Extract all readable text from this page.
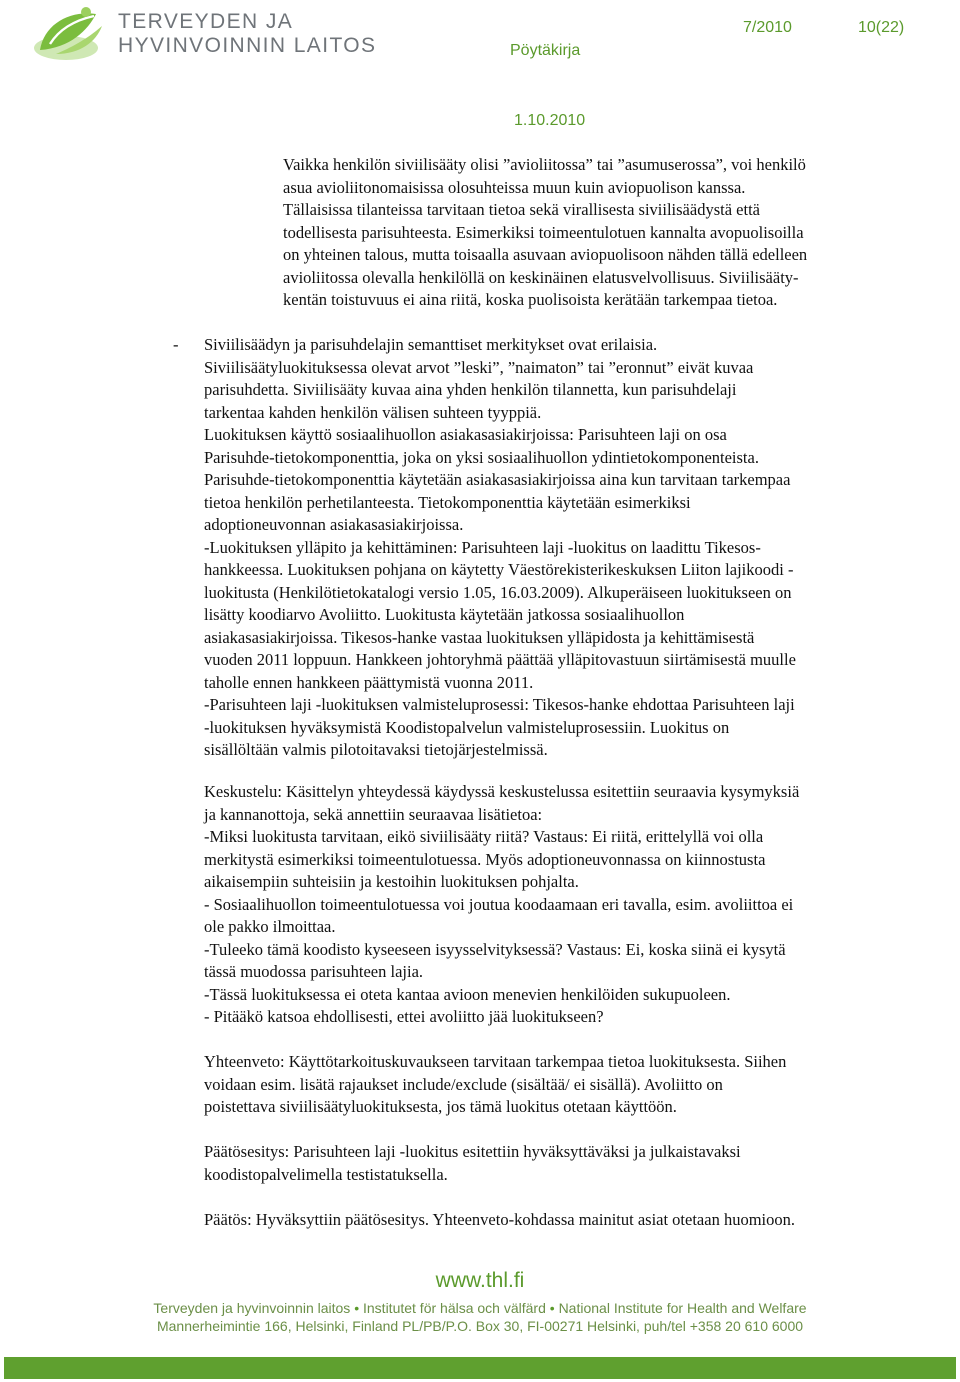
TERVEYDEN JA
HYVINVOINNIN LAITOS	Pöytäkirja
7/2010	10(22)
1.10.2010
Vaikka henkilön siviilisääty olisi ”avioliitossa” tai ”asumuserossa”, voi henkilö
asua avioliitonomaisissa olosuhteissa muun kuin aviopuolison kanssa.
Tällaisissa tilanteissa tarvitaan tietoa sekä virallisesta siviilisäädystä että
todellisesta parisuhteesta. Esimerkiksi toimeentulotuen kannalta avopuolisoilla
on yhteinen talous, mutta toisaalla asuvaan aviopuolisoon nähden tällä edelleen
avioliitossa olevalla henkilöllä on keskinäinen elatusvelvollisuus. Siviilisääty-
kentän toistuvuus ei aina riitä, koska puolisoista kerätään tarkempaa tietoa.
- Siviilisäädyn ja parisuhdelajin semanttiset merkitykset ovat erilaisia.
Siviilisäätyluokituksessa olevat arvot ”leski”, ”naimaton” tai ”eronnut” eivät kuvaa
parisuhdetta. Siviilisääty kuvaa aina yhden henkilön tilannetta, kun parisuhdelaji
tarkentaa kahden henkilön välisen suhteen tyyppiä.
Luokituksen käyttö sosiaalihuollon asiakasasiakirjoissa: Parisuhteen laji on osa
Parisuhde-tietokomponenttia, joka on yksi sosiaalihuollon ydintietokomponenteista.
Parisuhde-tietokomponenttia käytetään asiakasasiakirjoissa aina kun tarvitaan tarkempaa
tietoa henkilön perhetilanteesta. Tietokomponenttia käytetään esimerkiksi
adoptioneuvonnan asiakasasiakirjoissa.
-Luokituksen ylläpito ja kehittäminen: Parisuhteen laji -luokitus on laadittu Tikesos-
hankkeessa. Luokituksen pohjana on käytetty Väestörekisterikeskuksen Liiton lajikoodi -
luokitusta (Henkilötietokatalogi versio 1.05, 16.03.2009). Alkuperäiseen luokitukseen on
lisätty koodiarvo Avoliitto. Luokitusta käytetään jatkossa sosiaalihuollon
asiakasasiakirjoissa. Tikesos-hanke vastaa luokituksen ylläpidosta ja kehittämisestä
vuoden 2011 loppuun. Hankkeen johtoryhmä päättää ylläpitovastuun siirtämisestä muulle
taholle ennen hankkeen päättymistä vuonna 2011.
-Parisuhteen laji -luokituksen valmisteluprosessi: Tikesos-hanke ehdottaa Parisuhteen laji
-luokituksen hyväksymistä Koodistopalvelun valmisteluprosessiin. Luokitus on
sisällöltään valmis pilotoitavaksi tietojärjestelmissä.
Keskustelu: Käsittelyn yhteydessä käydyssä keskustelussa esitettiin seuraavia kysymyksiä
ja kannanottoja, sekä annettiin seuraavaa lisätietoa:
-Miksi luokitusta tarvitaan, eikö siviilisääty riitä? Vastaus: Ei riitä, erittelyllä voi olla
merkitystä esimerkiksi toimeentulotuessa. Myös adoptioneuvonnassa on kiinnostusta
aikaisempiin suhteisiin ja kestoihin luokituksen pohjalta.
- Sosiaalihuollon toimeentulotuessa voi joutua koodaamaan eri tavalla, esim. avoliittoa ei
ole pakko ilmoittaa.
-Tuleeko tämä koodisto kyseeseen isyysselvityksessä? Vastaus: Ei, koska siinä ei kysytä
tässä muodossa parisuhteen lajia.
-Tässä luokituksessa ei oteta kantaa avioon menevien henkilöiden sukupuoleen.
- Pitääkö katsoa ehdollisesti, ettei avoliitto jää luokitukseen?
Yhteenveto: Käyttötarkoituskuvaukseen tarvitaan tarkempaa tietoa luokituksesta. Siihen
voidaan esim. lisätä rajaukset include/exclude (sisältää/ ei sisällä). Avoliitto on
poistettava siviilisäätyluokituksesta, jos tämä luokitus otetaan käyttöön.
Päätösesitys: Parisuhteen laji -luokitus esitettiin hyväksyttäväksi ja julkaistavaksi
koodistopalvelimella testistatuksella.
Päätös: Hyväksyttiin päätösesitys. Yhteenveto-kohdassa mainitut asiat otetaan huomioon.
www.thl.fi
Terveyden ja hyvinvoinnin laitos • Institutet för hälsa och välfärd • National Institute for Health and Welfare
Mannerheimintie 166, Helsinki, Finland PL/PB/P.O. Box 30, FI-00271 Helsinki, puh/tel +358 20 610 6000
